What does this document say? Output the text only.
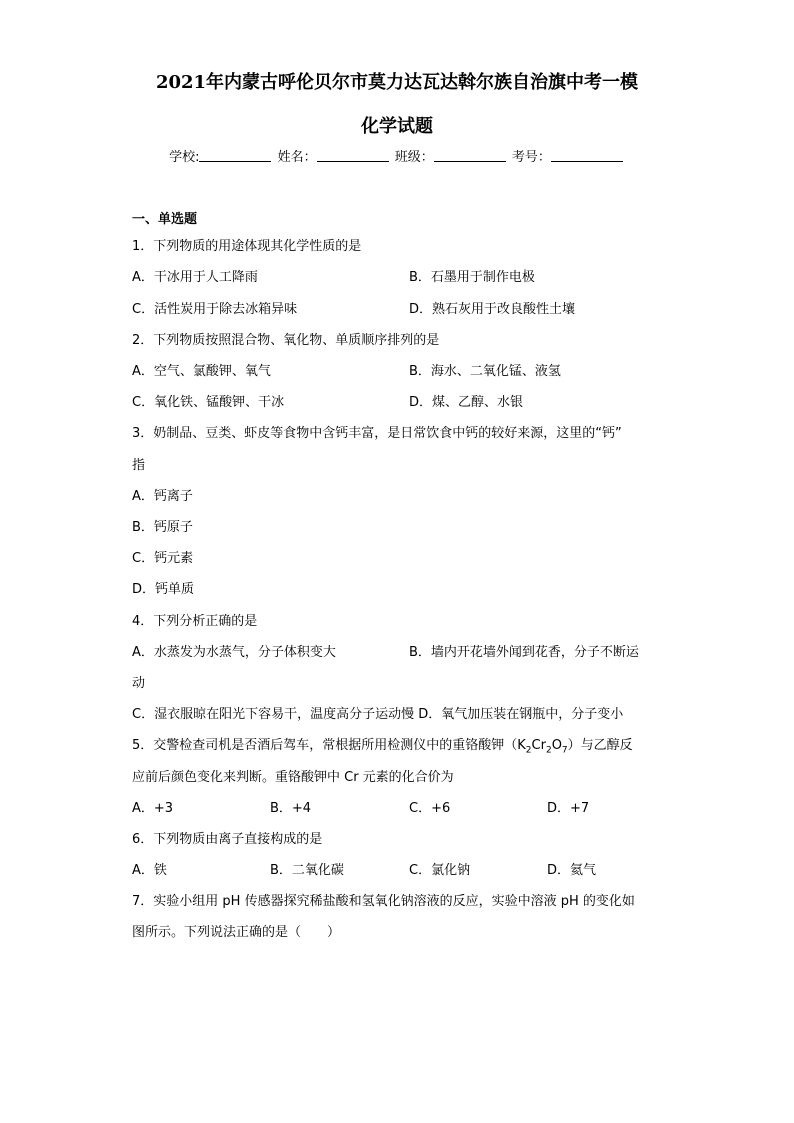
2021年内蒙古呼伦贝尔市莫力达瓦达斡尔族自治旗中考一模
化学试题
学校:	姓名：	班级：	考号：
一、单选题
1．下列物质的用途体现其化学性质的是
A．干冰用于人工降雨	B．石墨用于制作电极
C．活性炭用于除去冰箱异味	D．熟石灰用于改良酸性土壤
2．下列物质按照混合物、氧化物、单质顺序排列的是
A．空气、氯酸钾、氧气	B．海水、二氧化锰、液氢
C．氧化铁、锰酸钾、干冰	D．煤、乙醇、水银
3．奶制品、豆类、虾皮等食物中含钙丰富，是日常饮食中钙的较好来源，这里的“钙”
指
A．钙离子
B．钙原子
C．钙元素
D．钙单质
4．下列分析正确的是
A．水蒸发为水蒸气，分子体积变大	B．墙内开花墙外闻到花香，分子不断运
动
C．湿衣服晾在阳光下容易干，温度高分子运动慢 D．氧气加压装在钢瓶中，分子变小
5．交警检查司机是否酒后驾车，常根据所用检测仪中的重铬酸钾$(K_2Cr_2O_7)$与乙醇反
应前后颜色变化来判断。重铬酸钾中 Cr 元素的化合价为
A．+3	B．+4	C．+6	D．+7
6．下列物质由离子直接构成的是
A．铁	B．二氧化碳	C．氯化钠	D．氦气
7．实验小组用 pH 传感器探究稀盐酸和氢氧化钠溶液的反应，实验中溶液 pH 的变化如
图所示。下列说法正确的是（　　）
